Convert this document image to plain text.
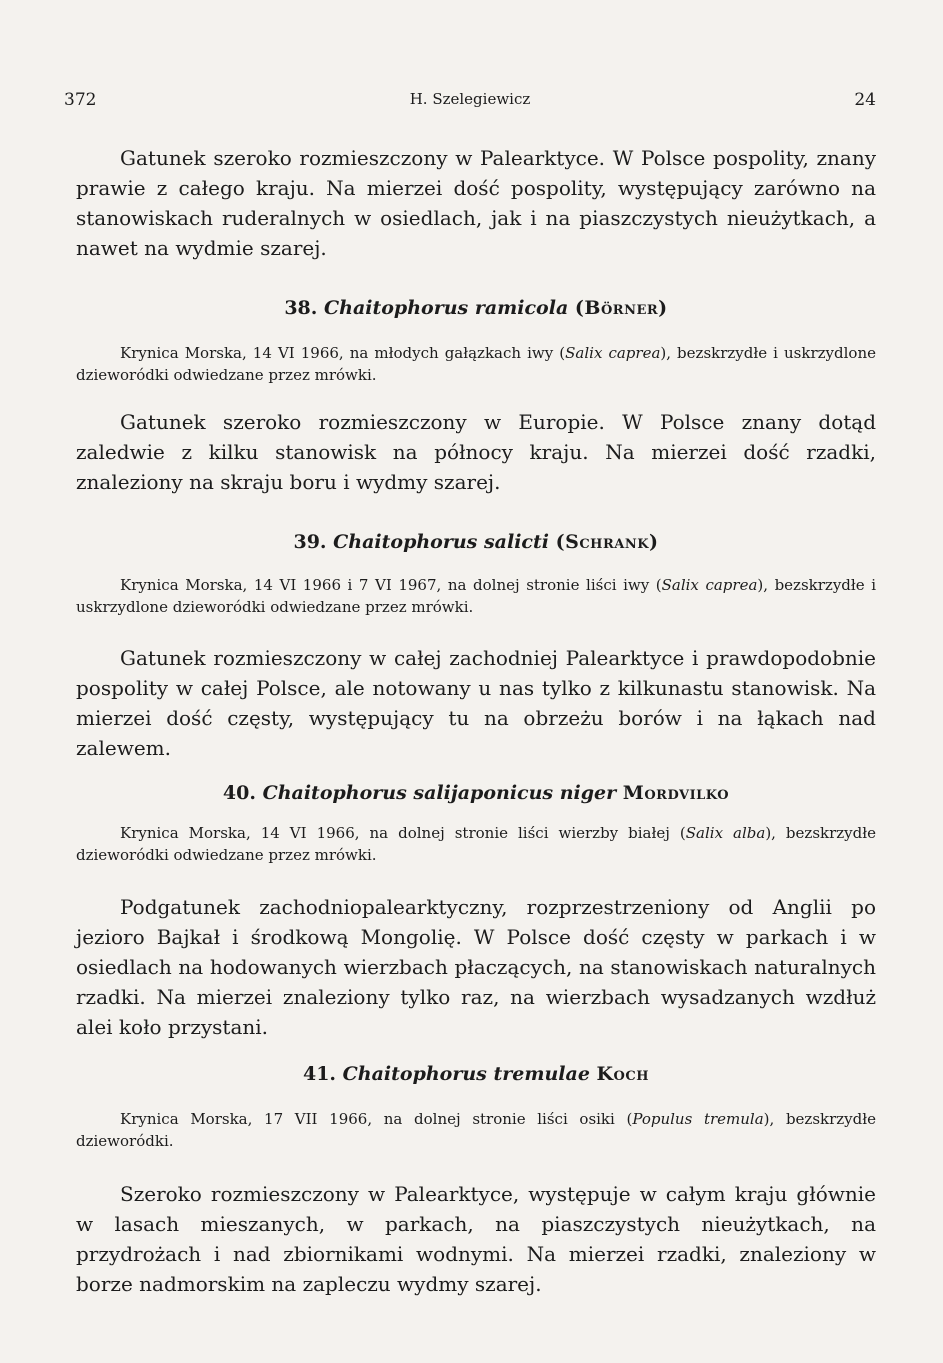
372	H. Szelegiewicz	24

Gatunek szeroko rozmieszczony w Palearktyce. W Polsce pospolity, znany prawie z całego kraju. Na mierzei dość pospolity, występujący zarówno na stanowiskach ruderalnych w osiedlach, jak i na piaszczystych nieużytkach, a nawet na wydmie szarej.

38. Chaitophorus ramicola (Börner)

Krynica Morska, 14 VI 1966, na młodych gałązkach iwy (Salix caprea), bezskrzydłe i uskrzydlone dzieworódki odwiedzane przez mrówki.

Gatunek szeroko rozmieszczony w Europie. W Polsce znany dotąd zaledwie z kilku stanowisk na północy kraju. Na mierzei dość rzadki, znaleziony na skraju boru i wydmy szarej.

39. Chaitophorus salicti (Schrank)

Krynica Morska, 14 VI 1966 i 7 VI 1967, na dolnej stronie liści iwy (Salix caprea), bezskrzydłe i uskrzydlone dzieworódki odwiedzane przez mrówki.

Gatunek rozmieszczony w całej zachodniej Palearktyce i prawdopodobnie pospolity w całej Polsce, ale notowany u nas tylko z kilkunastu stanowisk. Na mierzei dość częsty, występujący tu na obrzeżu borów i na łąkach nad zalewem.

40. Chaitophorus salijaponicus niger Mordvilko

Krynica Morska, 14 VI 1966, na dolnej stronie liści wierzby białej (Salix alba), bezskrzydłe dzieworódki odwiedzane przez mrówki.

Podgatunek zachodniopalearktyczny, rozprzestrzeniony od Anglii po jezioro Bajkał i środkową Mongolię. W Polsce dość częsty w parkach i w osiedlach na hodowanych wierzbach płaczących, na stanowiskach naturalnych rzadki. Na mierzei znaleziony tylko raz, na wierzbach wysadzanych wzdłuż alei koło przystani.

41. Chaitophorus tremulae Koch

Krynica Morska, 17 VII 1966, na dolnej stronie liści osiki (Populus tremula), bezskrzydłe dzieworódki.

Szeroko rozmieszczony w Palearktyce, występuje w całym kraju głównie w lasach mieszanych, w parkach, na piaszczystych nieużytkach, na przydrożach i nad zbiornikami wodnymi. Na mierzei rzadki, znaleziony w borze nadmorskim na zapleczu wydmy szarej.
